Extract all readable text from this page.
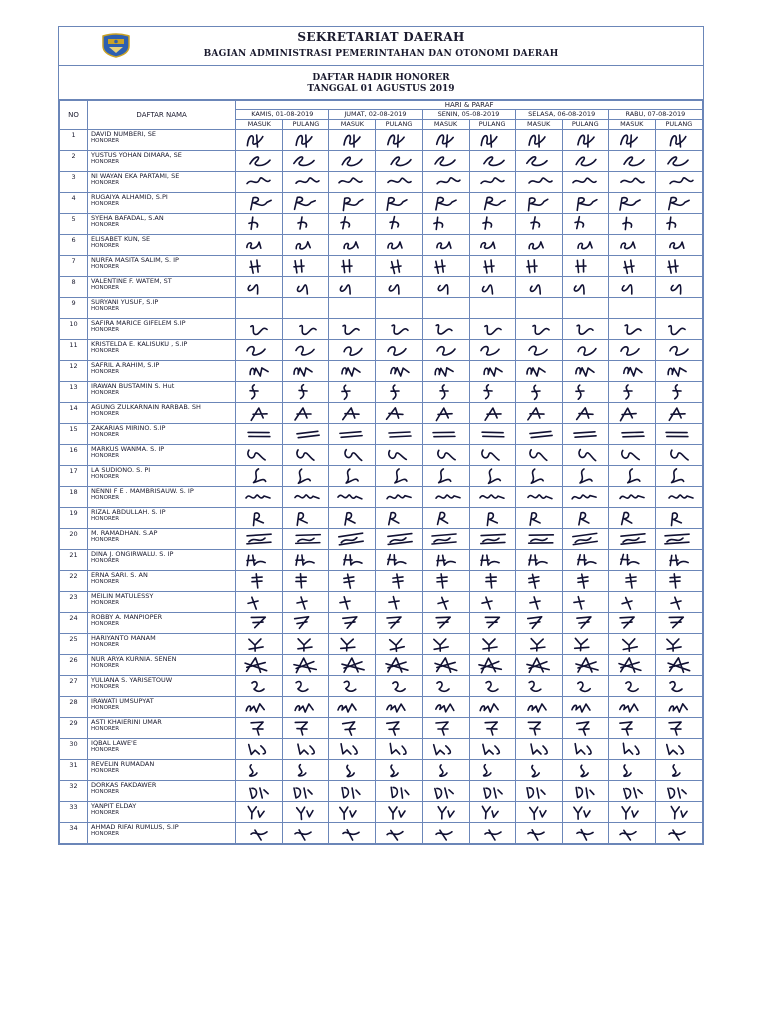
SEKRETARIAT DAERAH
BAGIAN ADMINISTRASI PEMERINTAHAN DAN OTONOMI DAERAH
DAFTAR HADIR HONORER
TANGGAL 01 AGUSTUS 2019
NO	DAFTAR NAMA	HARI & PARAF									
		KAMIS, 01-08-2019		JUMAT, 02-08-2019		SENIN, 05-08-2019		SELASA, 06-08-2019		RABU, 07-08-2019	
		MASUK	PULANG	MASUK	PULANG	MASUK	PULANG	MASUK	PULANG	MASUK	PULANG
1	DAVID NUMBERI, SE
HONORER

2	YUSTUS YOHAN DIMARA, SE
HONORER

3	NI WAYAN EKA PARTAMI, SE
HONORER

4	RUGAIYA ALHAMID, S.PI
HONORER

5	SYEHA BAFADAL, S.AN
HONORER

6	ELISABET KUN, SE
HONORER

7	NURFA MASITA SALIM, S. IP
HONORER

8	VALENTINE F. WATEM, ST
HONORER

9	SURYANI YUSUF, S.IP
HONORER										

10	SAFIRA MARICE GIFELEM S.IP
HONORER

11	KRISTELDA E. KALISUKU , S.IP
HONORER

12	SAFRIL A.RAHIM, S.IP
HONORER

13	IRAWAN BUSTAMIN S. Hut
HONORER

14	AGUNG ZULKARNAIN RARBAB. SH
HONORER

15	ZAKARIAS MIRINO. S.IP
HONORER

16	MARKUS WANMA. S. IP
HONORER

17	LA SUDIONO. S. PI
HONORER

18	NENNI F E . MAMBRISAUW. S. IP
HONORER

19	RIZAL ABDULLAH. S. IP
HONORER

20	M. RAMADHAN. S.AP
HONORER

21	DINA J. ONGIRWALU. S. IP
HONORER

22	ERNA SARI. S. AN
HONORER

23	MEILIN MATULESSY
HONORER

24	ROBBY A. MANPIOPER
HONORER

25	HARIYANTO MANAM
HONORER

26	NUR ARYA KURNIA. SENEN
HONORER

27	YULIANA S. YARISETOUW
HONORER

28	IRAWATI UMSUPYAT
HONORER

29	ASTI KHAIERINI UMAR
HONORER

30	IQBAL LAWE'E
HONORER

31	REVELIN RUMADAN
HONORER

32	DORKAS FAKDAWER
HONORER

33	YANPIT ELDAY
HONORER

34	AHMAD RIFAI RUMLUS, S.IP
HONORER
